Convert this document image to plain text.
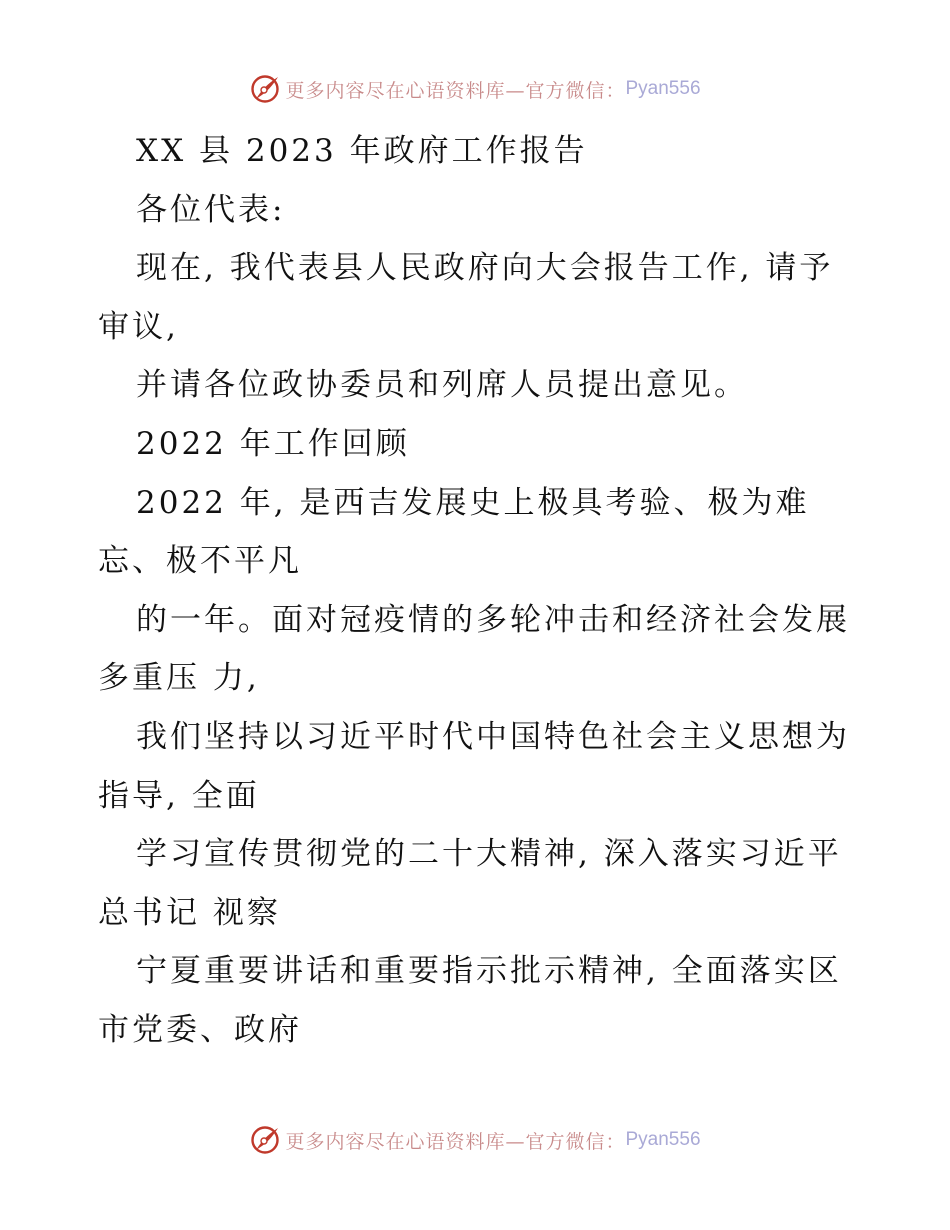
更多内容尽在心语资料库—官方微信： Pyan556
XX 县 2023 年政府工作报告
各位代表:
现在, 我代表县人民政府向大会报告工作, 请予
审议,
并请各位政协委员和列席人员提出意见。
2022 年工作回顾
2022 年, 是西吉发展史上极具考验、极为难
忘、极不平凡
的一年。面对冠疫情的多轮冲击和经济社会发展
多重压 力,
我们坚持以习近平时代中国特色社会主义思想为
指导, 全面
学习宣传贯彻党的二十大精神, 深入落实习近平
总书记 视察
宁夏重要讲话和重要指示批示精神, 全面落实区
市党委、政府
更多内容尽在心语资料库—官方微信： Pyan556
